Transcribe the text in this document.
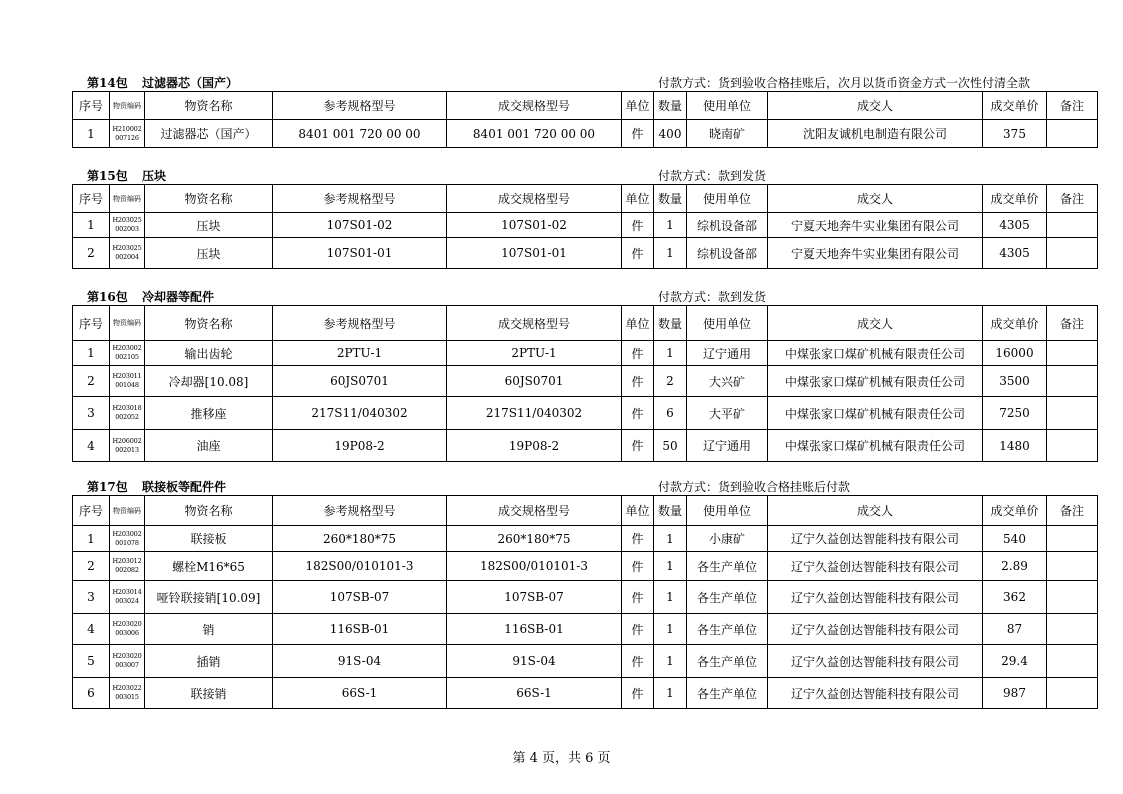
第14包 过滤器芯（国产）	付款方式：货到验收合格挂账后，次月以货币资金方式一次性付清全款
序号	物资编码	物资名称	参考规格型号	成交规格型号	单位	数量	使用单位	成交人	成交单价	备注
1	H210002 007126	过滤器芯（国产）	8401 001 720 00 00	8401 001 720 00 00	件	400	晓南矿	沈阳友诚机电制造有限公司	375	
第15包 压块	付款方式：款到发货
序号	物资编码	物资名称	参考规格型号	成交规格型号	单位	数量	使用单位	成交人	成交单价	备注
1	H203025 002003	压块	107S01-02	107S01-02	件	1	综机设备部	宁夏天地奔牛实业集团有限公司	4305	
2	H203025 002004	压块	107S01-01	107S01-01	件	1	综机设备部	宁夏天地奔牛实业集团有限公司	4305	
第16包 冷却器等配件	付款方式：款到发货
序号	物资编码	物资名称	参考规格型号	成交规格型号	单位	数量	使用单位	成交人	成交单价	备注
1	H203002 002105	输出齿轮	2PTU-1	2PTU-1	件	1	辽宁通用	中煤张家口煤矿机械有限责任公司	16000	
2	H203011 001048	冷却器[10.08]	60JS0701	60JS0701	件	2	大兴矿	中煤张家口煤矿机械有限责任公司	3500	
3	H203018 002052	推移座	217S11/040302	217S11/040302	件	6	大平矿	中煤张家口煤矿机械有限责任公司	7250	
4	H206002 002013	油座	19P08-2	19P08-2	件	50	辽宁通用	中煤张家口煤矿机械有限责任公司	1480	
第17包 联接板等配件件	付款方式：货到验收合格挂账后付款
序号	物资编码	物资名称	参考规格型号	成交规格型号	单位	数量	使用单位	成交人	成交单价	备注
1	H203002 001078	联接板	260*180*75	260*180*75	件	1	小康矿	辽宁久益创达智能科技有限公司	540	
2	H203012 002082	螺栓M16*65	182S00/010101-3	182S00/010101-3	件	1	各生产单位	辽宁久益创达智能科技有限公司	2.89	
3	H203014 003024	哑铃联接销[10.09]	107SB-07	107SB-07	件	1	各生产单位	辽宁久益创达智能科技有限公司	362	
4	H203020 003006	销	116SB-01	116SB-01	件	1	各生产单位	辽宁久益创达智能科技有限公司	87	
5	H203020 003007	插销	91S-04	91S-04	件	1	各生产单位	辽宁久益创达智能科技有限公司	29.4	
6	H203022 003015	联接销	66S-1	66S-1	件	1	各生产单位	辽宁久益创达智能科技有限公司	987	
第 4 页，共 6 页
